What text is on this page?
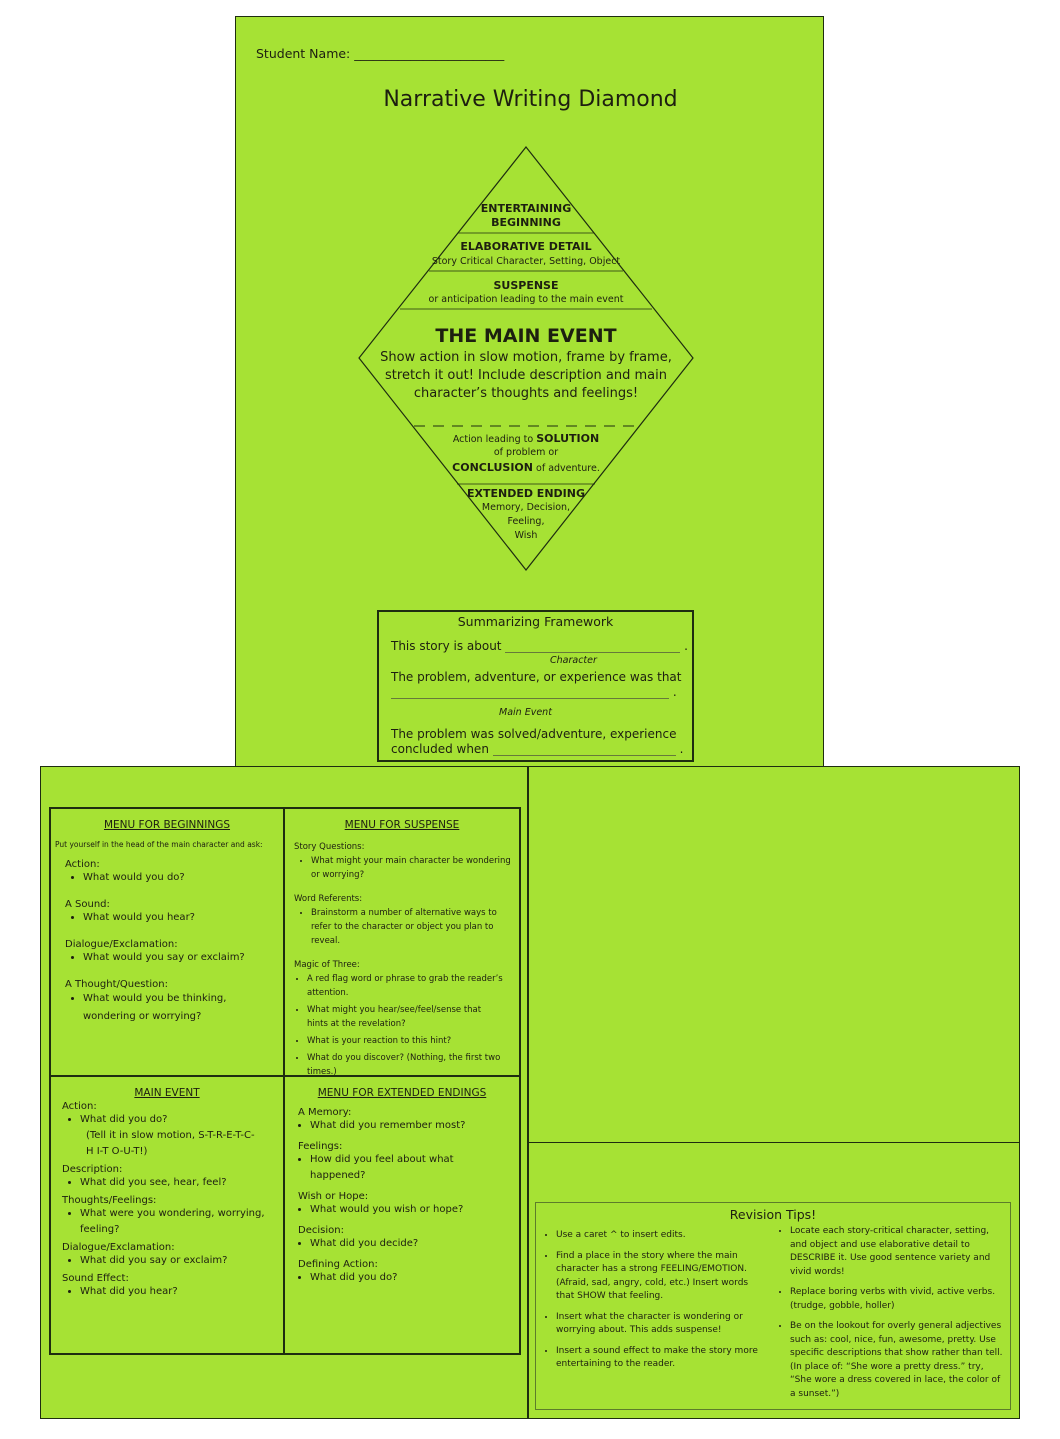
Student Name: ________________________
Narrative Writing Diamond
ENTERTAINING
BEGINNING
ELABORATIVE DETAIL
Story Critical Character, Setting, Object
SUSPENSE
or anticipation leading to the main event
THE MAIN EVENT
Show action in slow motion, frame by frame,
stretch it out! Include description and main
character’s thoughts and feelings!
Action leading to SOLUTION
of problem or
CONCLUSION of adventure.
EXTENDED ENDING
Memory, Decision,
Feeling,
Wish
Summarizing Framework
This story is about	.
Character
The problem, adventure, or experience was that
.
Main Event
The problem was solved/adventure, experience
concluded when	.
MENU FOR BEGINNINGS
Put yourself in the head of the main character and ask:
Action:
• What would you do?
A Sound:
• What would you hear?
Dialogue/Exclamation:
• What would you say or exclaim?
A Thought/Question:
• What would you be thinking, wondering or worrying?
MENU FOR SUSPENSE
Story Questions:
• What might your main character be wondering or worrying?
Word Referents:
• Brainstorm a number of alternative ways to refer to the character or object you plan to reveal.
Magic of Three:
• A red flag word or phrase to grab the reader’s attention.
• What might you hear/see/feel/sense that hints at the revelation?
• What is your reaction to this hint?
• What do you discover? (Nothing, the first two times.)
MAIN EVENT
Action:
• What did you do?
(Tell it in slow motion, S-T-R-E-T-C-H I-T O-U-T!)
Description:
• What did you see, hear, feel?
Thoughts/Feelings:
• What were you wondering, worrying, feeling?
Dialogue/Exclamation:
• What did you say or exclaim?
Sound Effect:
• What did you hear?
MENU FOR EXTENDED ENDINGS
A Memory:
• What did you remember most?
Feelings:
• How did you feel about what happened?
Wish or Hope:
• What would you wish or hope?
Decision:
• What did you decide?
Defining Action:
• What did you do?
Revision Tips!
• Use a caret ^ to insert edits.
• Find a place in the story where the main character has a strong FEELING/EMOTION. (Afraid, sad, angry, cold, etc.) Insert words that SHOW that feeling.
• Insert what the character is wondering or worrying about. This adds suspense!
• Insert a sound effect to make the story more entertaining to the reader.
• Locate each story-critical character, setting, and object and use elaborative detail to DESCRIBE it. Use good sentence variety and vivid words!
• Replace boring verbs with vivid, active verbs. (trudge, gobble, holler)
• Be on the lookout for overly general adjectives such as: cool, nice, fun, awesome, pretty. Use specific descriptions that show rather than tell. (In place of: “She wore a pretty dress.” try, “She wore a dress covered in lace, the color of a sunset.”)
